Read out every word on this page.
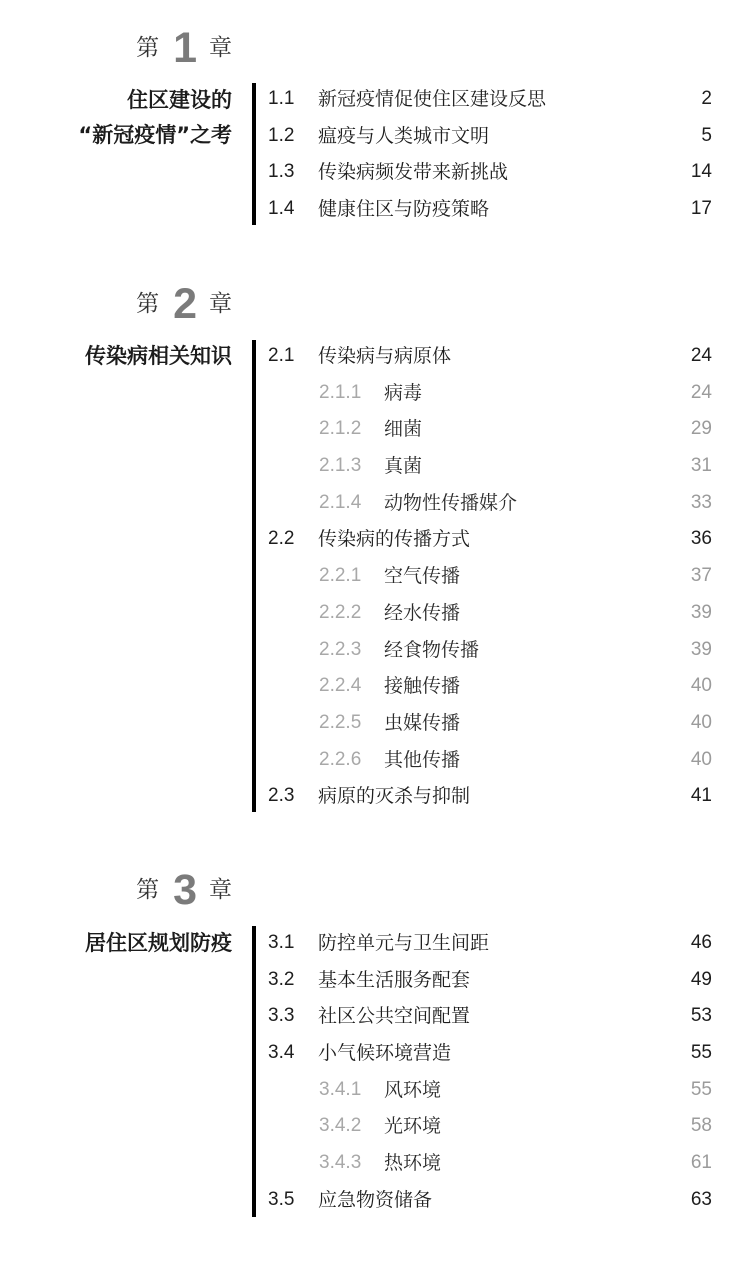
第 1 章
住区建设的
“新冠疫情”之考
1.1 新冠疫情促使住区建设反思	2
1.2 瘟疫与人类城市文明	5
1.3 传染病频发带来新挑战	14
1.4 健康住区与防疫策略	17
第 2 章
传染病相关知识 2.1 传染病与病原体	24
2.1.1 病毒	24
2.1.2 细菌	29
2.1.3 真菌	31
2.1.4 动物性传播媒介	33
2.2 传染病的传播方式	36
2.2.1 空气传播	37
2.2.2 经水传播	39
2.2.3 经食物传播	39
2.2.4 接触传播	40
2.2.5 虫媒传播	40
2.2.6 其他传播	40
2.3 病原的灭杀与抑制	41
第 3 章
居住区规划防疫 3.1 防控单元与卫生间距	46
3.2 基本生活服务配套	49
3.3 社区公共空间配置	53
3.4 小气候环境营造	55
3.4.1 风环境	55
3.4.2 光环境	58
3.4.3 热环境	61
3.5 应急物资储备	63
